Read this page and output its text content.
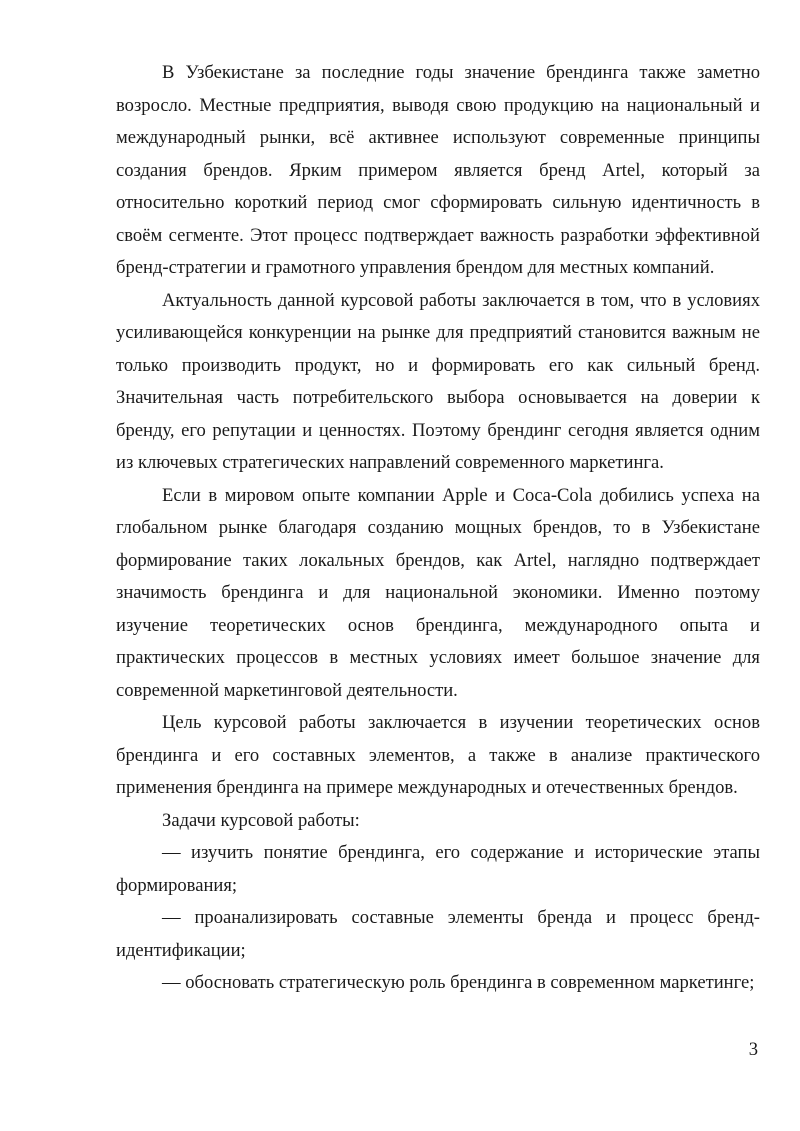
В Узбекистане за последние годы значение брендинга также заметно возросло. Местные предприятия, выводя свою продукцию на национальный и международный рынки, всё активнее используют современные принципы создания брендов. Ярким примером является бренд Artel, который за относительно короткий период смог сформировать сильную идентичность в своём сегменте. Этот процесс подтверждает важность разработки эффективной бренд-стратегии и грамотного управления брендом для местных компаний.

Актуальность данной курсовой работы заключается в том, что в условиях усиливающейся конкуренции на рынке для предприятий становится важным не только производить продукт, но и формировать его как сильный бренд. Значительная часть потребительского выбора основывается на доверии к бренду, его репутации и ценностях. Поэтому брендинг сегодня является одним из ключевых стратегических направлений современного маркетинга.

Если в мировом опыте компании Apple и Coca-Cola добились успеха на глобальном рынке благодаря созданию мощных брендов, то в Узбекистане формирование таких локальных брендов, как Artel, наглядно подтверждает значимость брендинга и для национальной экономики. Именно поэтому изучение теоретических основ брендинга, международного опыта и практических процессов в местных условиях имеет большое значение для современной маркетинговой деятельности.

Цель курсовой работы заключается в изучении теоретических основ брендинга и его составных элементов, а также в анализе практического применения брендинга на примере международных и отечественных брендов.

Задачи курсовой работы:

— изучить понятие брендинга, его содержание и исторические этапы формирования;

— проанализировать составные элементы бренда и процесс бренд-идентификации;

— обосновать стратегическую роль брендинга в современном маркетинге;

3
